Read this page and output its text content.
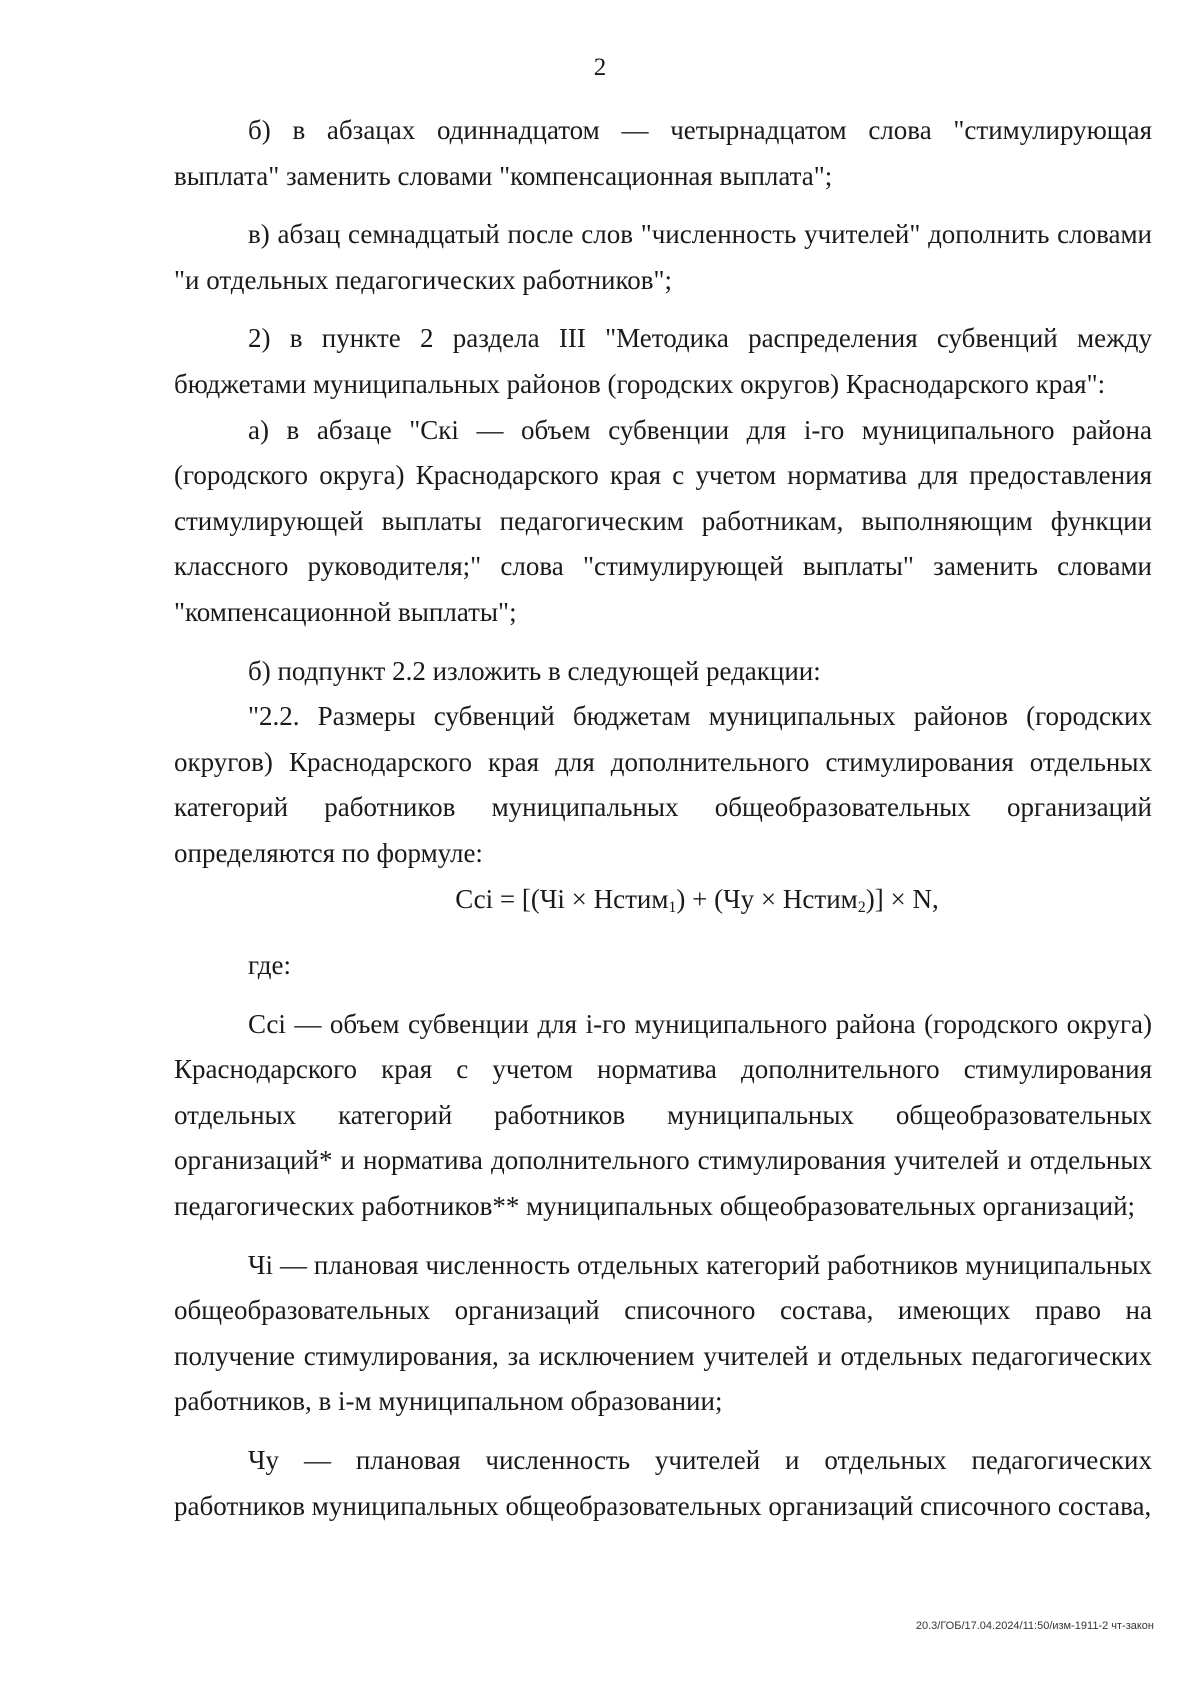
2

б) в абзацах одиннадцатом — четырнадцатом слова "стимулирующая выплата" заменить словами "компенсационная выплата";

в) абзац семнадцатый после слов "численность учителей" дополнить словами "и отдельных педагогических работников";

2) в пункте 2 раздела III "Методика распределения субвенций между бюджетами муниципальных районов (городских округов) Краснодарского края":

а) в абзаце "Скi — объем субвенции для i-го муниципального района (городского округа) Краснодарского края с учетом норматива для предоставления стимулирующей выплаты педагогическим работникам, выполняющим функции классного руководителя;" слова "стимулирующей выплаты" заменить словами "компенсационной выплаты";

б) подпункт 2.2 изложить в следующей редакции:

"2.2. Размеры субвенций бюджетам муниципальных районов (городских округов) Краснодарского края для дополнительного стимулирования отдельных категорий работников муниципальных общеобразовательных организаций определяются по формуле:

Ссi = [(Чi × Нстим$_1$) + (Чу × Нстим$_2$)] × N,

где:

Ссi — объем субвенции для i-го муниципального района (городского округа) Краснодарского края с учетом норматива дополнительного стимулирования отдельных категорий работников муниципальных общеобразовательных организаций* и норматива дополнительного стимулирования учителей и отдельных педагогических работников** муниципальных общеобразовательных организаций;

Чi — плановая численность отдельных категорий работников муниципальных общеобразовательных организаций списочного состава, имеющих право на получение стимулирования, за исключением учителей и отдельных педагогических работников, в i-м муниципальном образовании;

Чу — плановая численность учителей и отдельных педагогических работников муниципальных общеобразовательных организаций списочного состава,

20.3/ГОБ/17.04.2024/11:50/изм-1911-2 чт-закон
